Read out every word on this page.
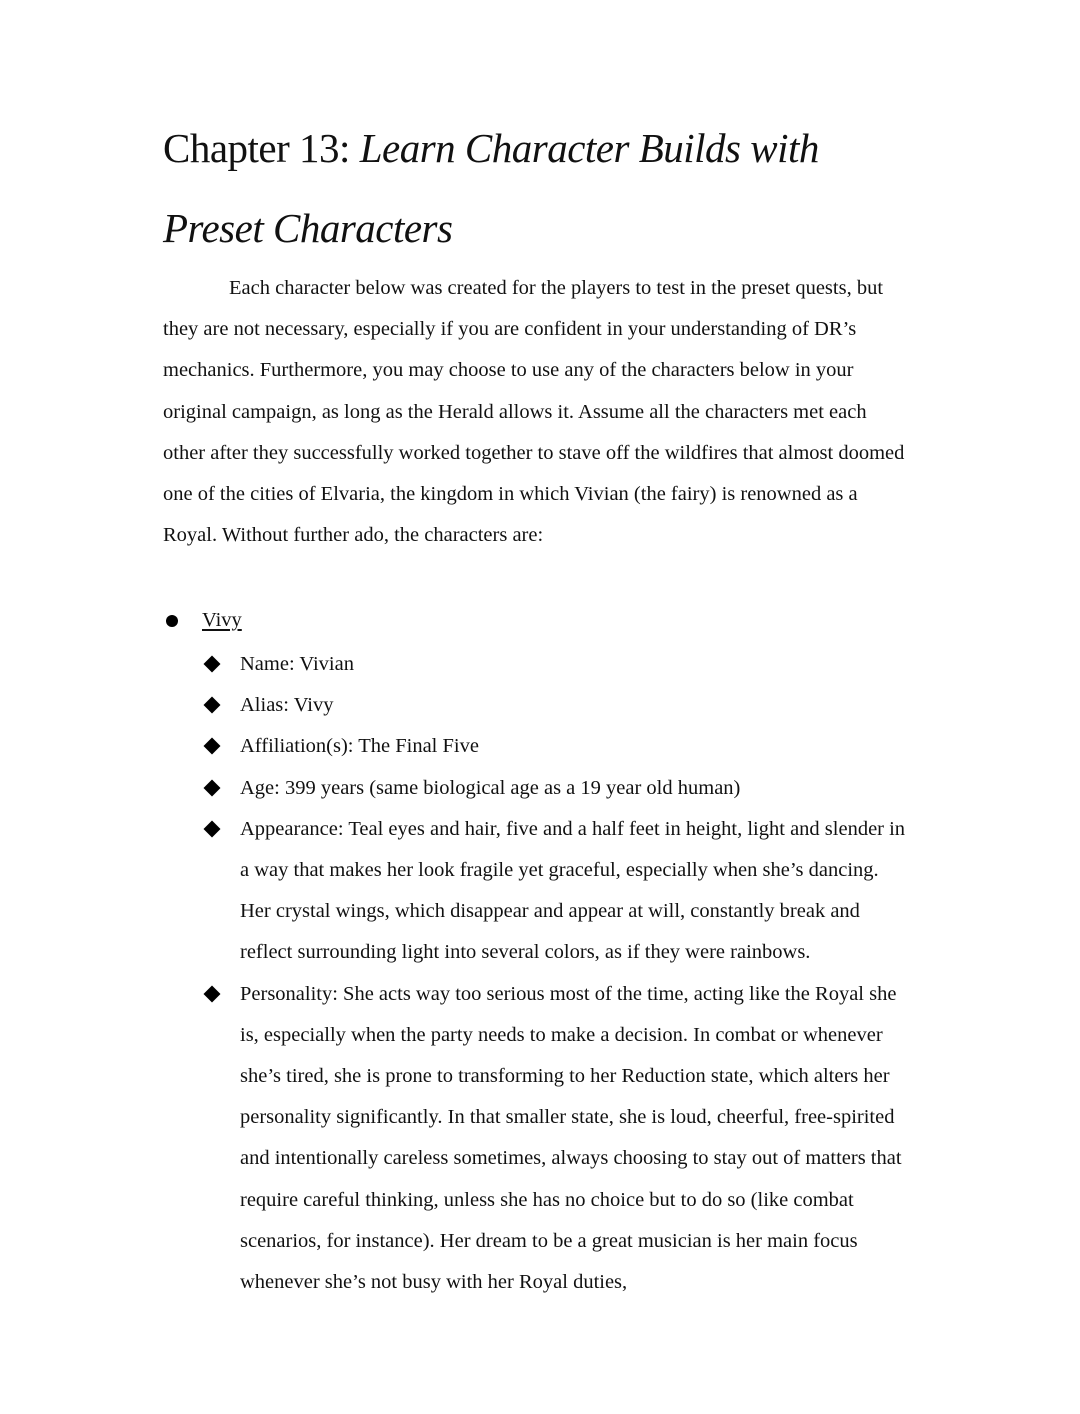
Chapter 13: Learn Character Builds with Preset Characters

Each character below was created for the players to test in the preset quests, but they are not necessary, especially if you are confident in your understanding of DR’s mechanics. Furthermore, you may choose to use any of the characters below in your original campaign, as long as the Herald allows it. Assume all the characters met each other after they successfully worked together to stave off the wildfires that almost doomed one of the cities of Elvaria, the kingdom in which Vivian (the fairy) is renowned as a Royal. Without further ado, the characters are:

Vivy
Name: Vivian
Alias: Vivy
Affiliation(s): The Final Five
Age: 399 years (same biological age as a 19 year old human)
Appearance: Teal eyes and hair, five and a half feet in height, light and slender in a way that makes her look fragile yet graceful, especially when she’s dancing. Her crystal wings, which disappear and appear at will, constantly break and reflect surrounding light into several colors, as if they were rainbows.
Personality: She acts way too serious most of the time, acting like the Royal she is, especially when the party needs to make a decision. In combat or whenever she’s tired, she is prone to transforming to her Reduction state, which alters her personality significantly. In that smaller state, she is loud, cheerful, free-spirited and intentionally careless sometimes, always choosing to stay out of matters that require careful thinking, unless she has no choice but to do so (like combat scenarios, for instance). Her dream to be a great musician is her main focus whenever she’s not busy with her Royal duties,
